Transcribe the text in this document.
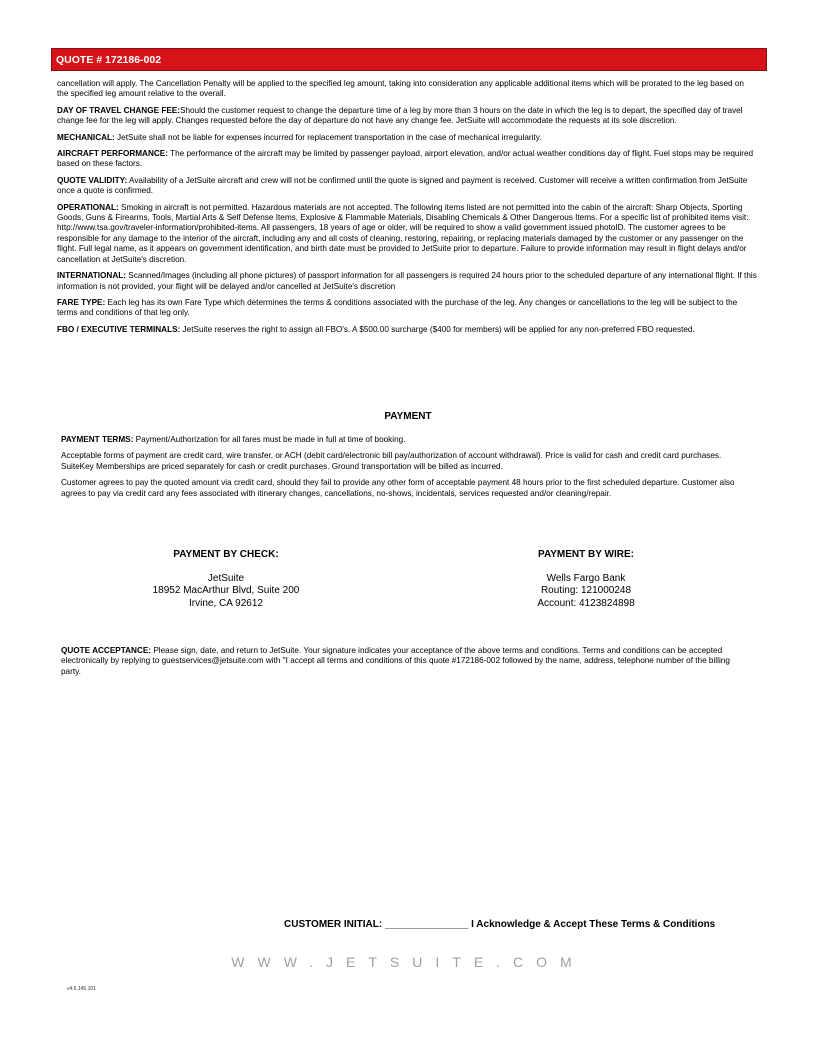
QUOTE # 172186-002

cancellation will apply. The Cancellation Penalty will be applied to the specified leg amount, taking into consideration any applicable additional items which will be prorated to the leg based on the specified leg amount relative to the overall.

DAY OF TRAVEL CHANGE FEE:Should the customer request to change the departure time of a leg by more than 3 hours on the date in which the leg is to depart, the specified day of travel change fee for the leg will apply. Changes requested before the day of departure do not have any change fee. JetSuite will accommodate the requests at its sole discretion.

MECHANICAL: JetSuite shall not be liable for expenses incurred for replacement transportation in the case of mechanical irregularity.

AIRCRAFT PERFORMANCE: The performance of the aircraft may be limited by passenger payload, airport elevation, and/or actual weather conditions day of flight. Fuel stops may be required based on these factors.

QUOTE VALIDITY: Availability of a JetSuite aircraft and crew will not be confirmed until the quote is signed and payment is received. Customer will receive a written confirmation from JetSuite once a quote is confirmed.

OPERATIONAL: Smoking in aircraft is not permitted. Hazardous materials are not accepted. The following items listed are not permitted into the cabin of the aircraft: Sharp Objects, Sporting Goods, Guns & Firearms, Tools, Martial Arts & Self Defense Items, Explosive & Flammable Materials, Disabling Chemicals & Other Dangerous Items. For a specific list of prohibited items visit: http://www.tsa.gov/traveler-information/prohibited-items. All passengers, 18 years of age or older, will be required to show a valid government issued photoID. The customer agrees to be responsible for any damage to the interior of the aircraft, including any and all costs of cleaning, restoring, repairing, or replacing materials damaged by the customer or any passenger on the flight. Full legal name, as it appears on government identification, and birth date must be provided to JetSuite prior to departure. Failure to provide information may result in flight delays and/or cancellation at JetSuite's discretion.

INTERNATIONAL: Scanned/Images (including all phone pictures) of passport information for all passengers is required 24 hours prior to the scheduled departure of any international flight. If this information is not provided, your flight will be delayed and/or cancelled at JetSuite's discretion

FARE TYPE: Each leg has its own Fare Type which determines the terms & conditions associated with the purchase of the leg. Any changes or cancellations to the leg will be subject to the terms and conditions of that leg only.

FBO / EXECUTIVE TERMINALS: JetSuite reserves the right to assign all FBO's. A $500.00 surcharge ($400 for members) will be applied for any non-preferred FBO requested.

PAYMENT

PAYMENT TERMS: Payment/Authorization for all fares must be made in full at time of booking.

Acceptable forms of payment are credit card, wire transfer, or ACH (debit card/electronic bill pay/authorization of account withdrawal). Price is valid for cash and credit card purchases. SuiteKey Memberships are priced separately for cash or credit purchases. Ground transportation will be billed as incurred.

Customer agrees to pay the quoted amount via credit card, should they fail to provide any other form of acceptable payment 48 hours prior to the first scheduled departure. Customer also agrees to pay via credit card any fees associated with itinerary changes, cancellations, no-shows, incidentals, services requested and/or cleaning/repair.

PAYMENT BY CHECK:
JetSuite
18952 MacArthur Blvd, Suite 200
Irvine, CA 92612
PAYMENT BY WIRE:
Wells Fargo Bank
Routing: 121000248
Account: 4123824898
QUOTE ACCEPTANCE: Please sign, date, and return to JetSuite. Your signature indicates your acceptance of the above terms and conditions. Terms and conditions can be accepted electronically by replying to guestservices@jetsuite.com with "I accept all terms and conditions of this quote #172186-002 followed by the name, address, telephone number of the billing party.
CUSTOMER INITIAL: _______________ I Acknowledge & Accept These Terms & Conditions
WWW.JETSUITE.COM
v4.6.145.101
